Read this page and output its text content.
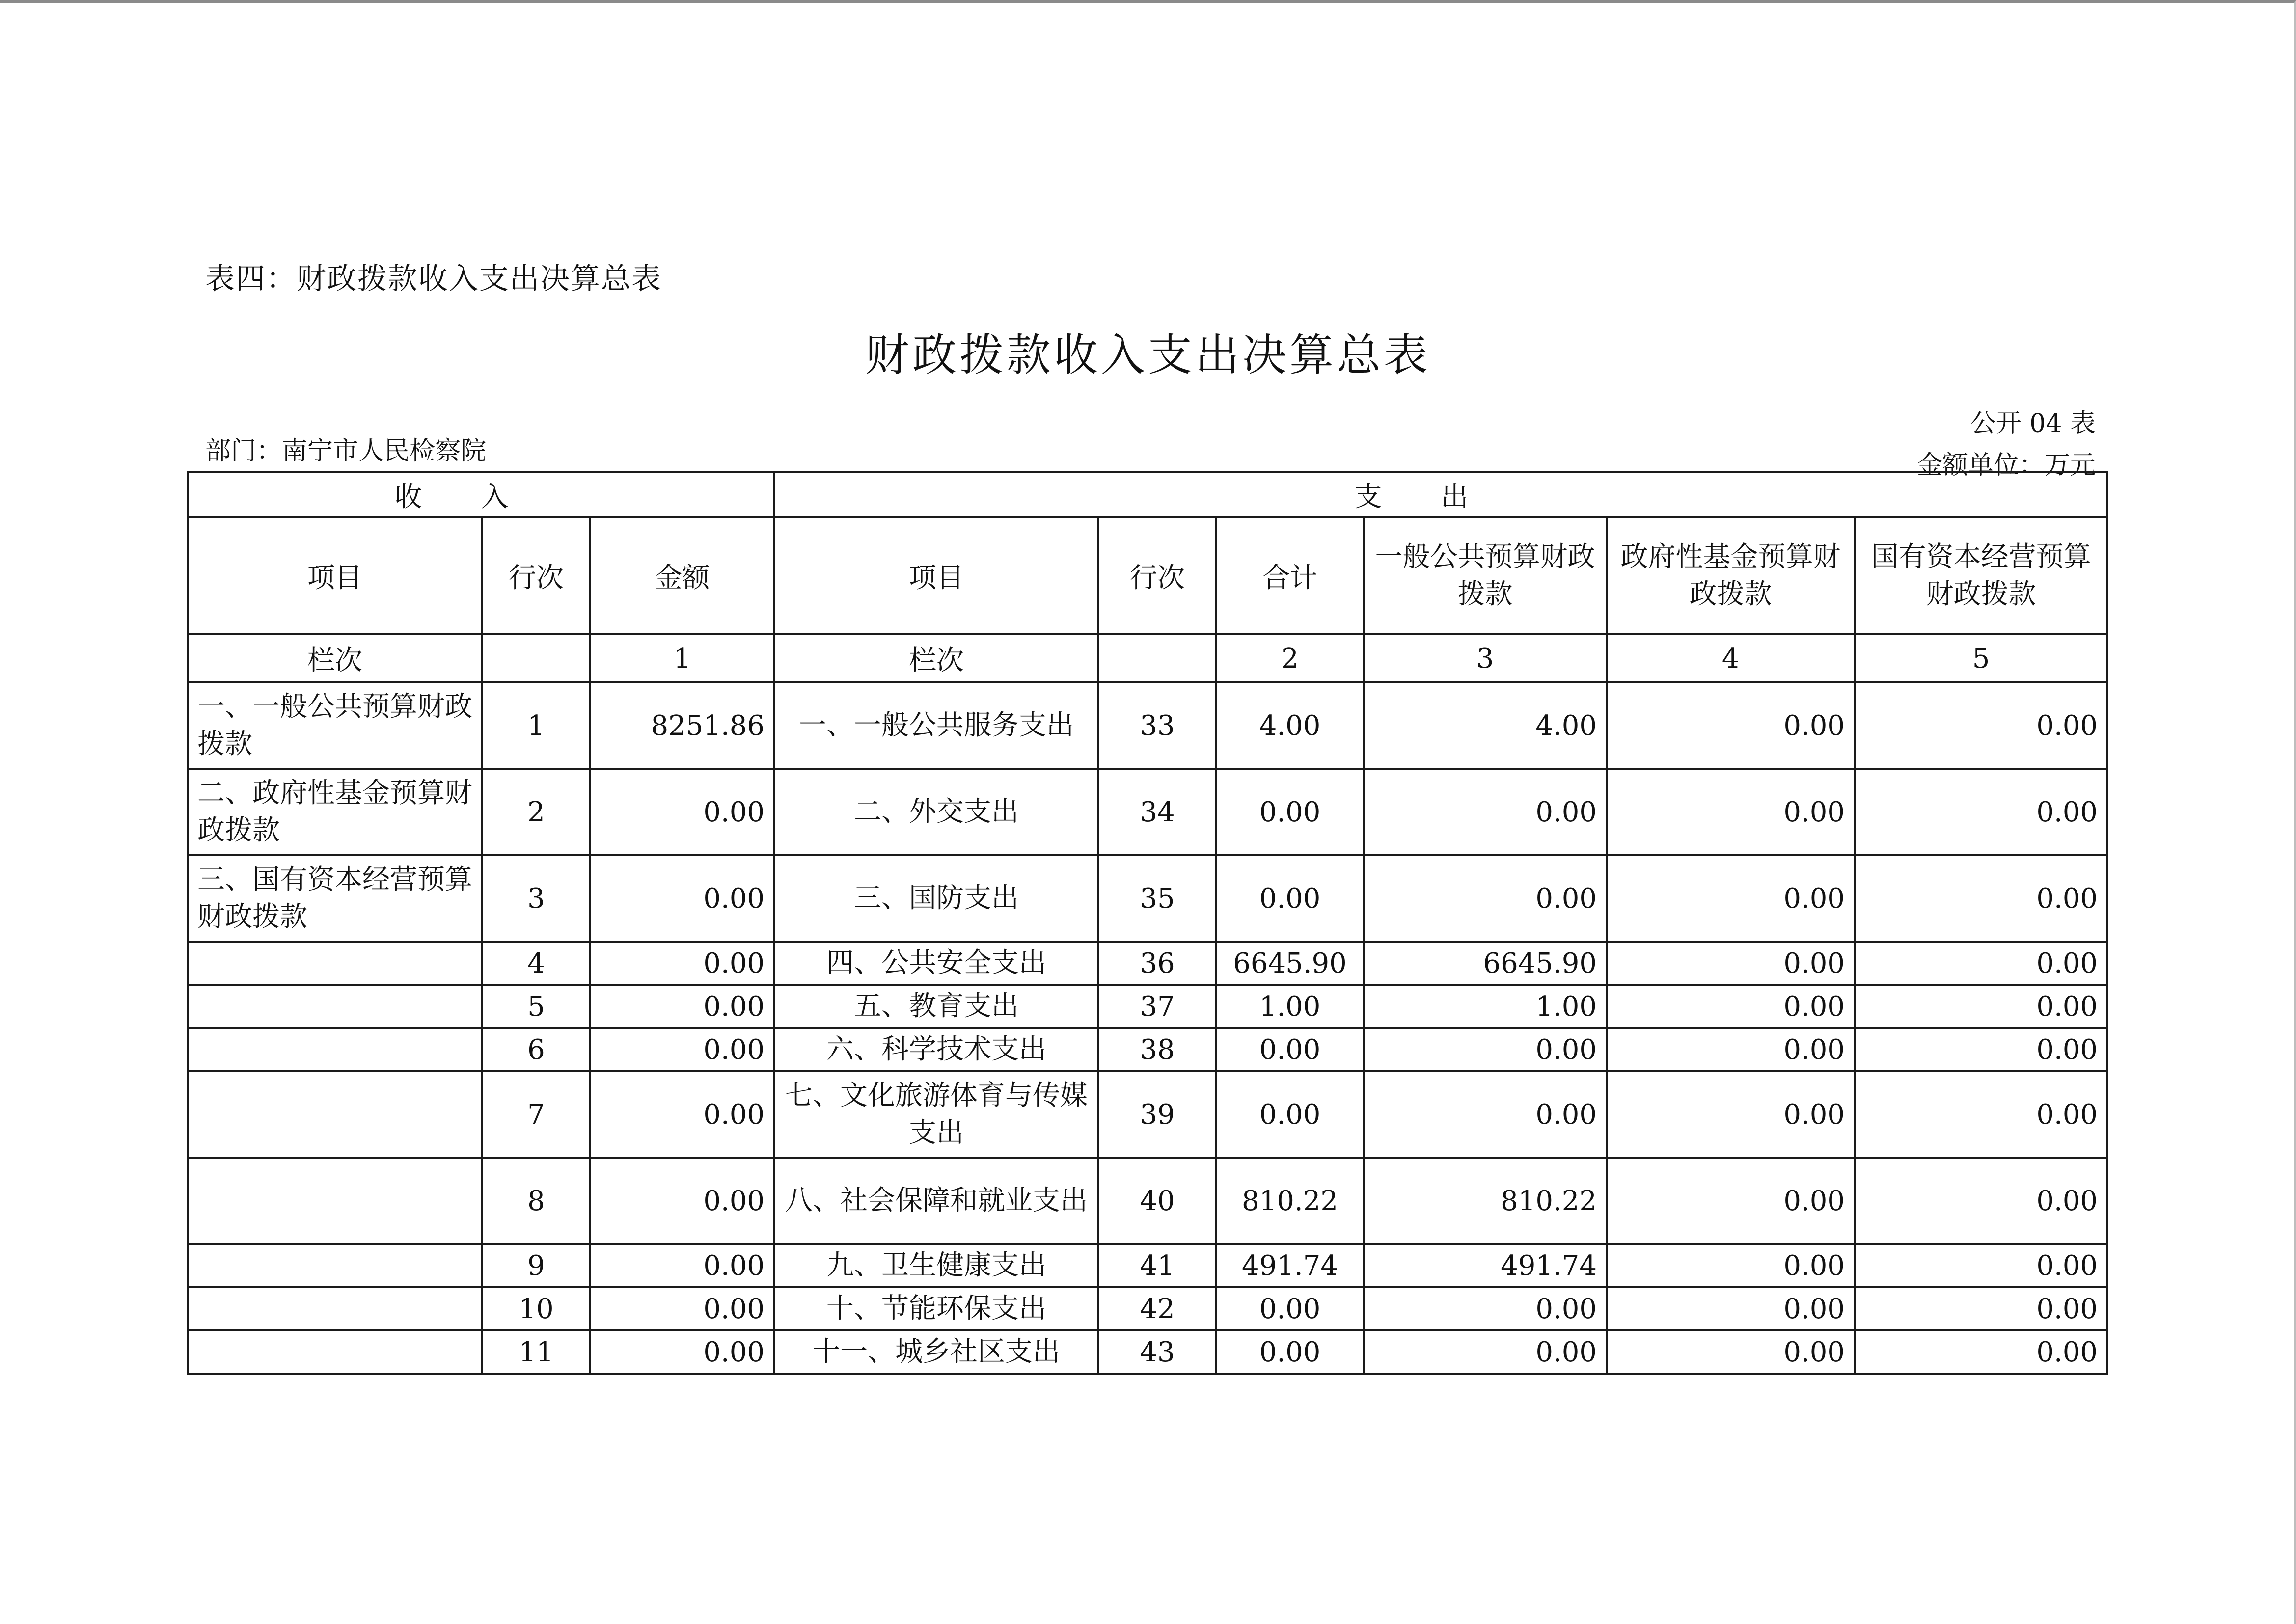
表四：财政拨款收入支出决算总表
财政拨款收入支出决算总表
公开 04 表
部门：南宁市人民检察院	金额单位：万元
收入			支出					
项目	行次	金额	项目	行次	合计	一般公共预算财政拨款	政府性基金预算财政拨款	国有资本经营预算财政拨款
栏次		1	栏次		2	3	4	5
一、一般公共预算财政拨款	1	8251.86	一、一般公共服务支出	33	4.00	4.00	0.00	0.00
二、政府性基金预算财政拨款	2	0.00	二、外交支出	34	0.00	0.00	0.00	0.00
三、国有资本经营预算财政拨款	3	0.00	三、国防支出	35	0.00	0.00	0.00	0.00
	4	0.00	四、公共安全支出	36	6645.90	6645.90	0.00	0.00
	5	0.00	五、教育支出	37	1.00	1.00	0.00	0.00
	6	0.00	六、科学技术支出	38	0.00	0.00	0.00	0.00
	7	0.00	七、文化旅游体育与传媒支出	39	0.00	0.00	0.00	0.00
	8	0.00	八、社会保障和就业支出	40	810.22	810.22	0.00	0.00
	9	0.00	九、卫生健康支出	41	491.74	491.74	0.00	0.00
	10	0.00	十、节能环保支出	42	0.00	0.00	0.00	0.00
	11	0.00	十一、城乡社区支出	43	0.00	0.00	0.00	0.00
